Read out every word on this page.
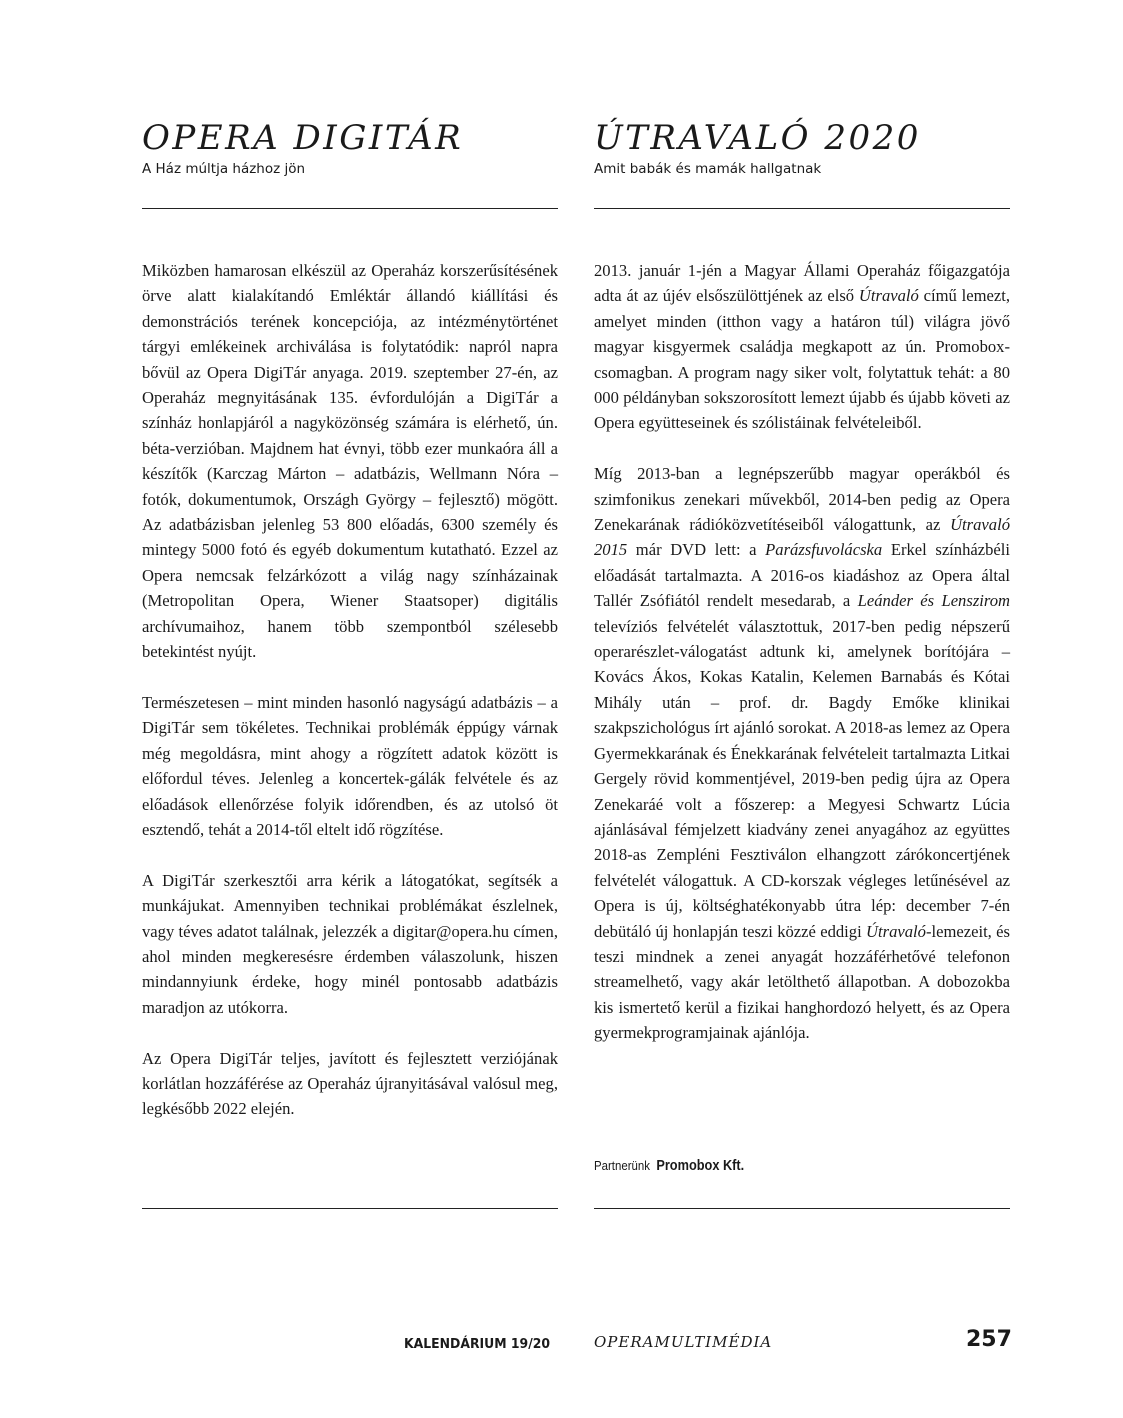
OPERA DIGITÁR
A Ház múltja házhoz jön
ÚTRAVALÓ 2020
Amit babák és mamák hallgatnak

Miközben hamarosan elkészül az Operaház korszerűsítésének örve alatt kialakítandó Emléktár állandó kiállítási és demonstrációs terének koncepciója, az intézménytörténet tárgyi emlékeinek archiválása is folytatódik: napról napra bővül az Opera DigiTár anyaga. 2019. szeptember 27-én, az Operaház megnyitásának 135. évfordulóján a DigiTár a színház honlapjáról a nagyközönség számára is elérhető, ún. béta-verzióban. Majdnem hat évnyi, több ezer munkaóra áll a készítők (Karczag Márton – adatbázis, Wellmann Nóra – fotók, dokumentumok, Országh György – fejlesztő) mögött. Az adatbázisban jelenleg 53 800 előadás, 6300 személy és mintegy 5000 fotó és egyéb dokumentum kutatható. Ezzel az Opera nemcsak felzárkózott a világ nagy színházainak (Metropolitan Opera, Wiener Staatsoper) digitális archívumaihoz, hanem több szempontból szélesebb betekintést nyújt.

Természetesen – mint minden hasonló nagyságú adatbázis – a DigiTár sem tökéletes. Technikai problémák éppúgy várnak még megoldásra, mint ahogy a rögzített adatok között is előfordul téves. Jelenleg a koncertek-gálák felvétele és az előadások ellenőrzése folyik időrendben, és az utolsó öt esztendő, tehát a 2014-től eltelt idő rögzítése.

A DigiTár szerkesztői arra kérik a látogatókat, segítsék a munkájukat. Amennyiben technikai problémákat észlelnek, vagy téves adatot találnak, jelezzék a digitar@opera.hu címen, ahol minden megkeresésre érdemben válaszolunk, hiszen mindannyiunk érdeke, hogy minél pontosabb adatbázis maradjon az utókorra.

Az Opera DigiTár teljes, javított és fejlesztett verziójának korlátlan hozzáférése az Operaház újranyitásával valósul meg, legkésőbb 2022 elején.

2013. január 1-jén a Magyar Állami Operaház főigazgatója adta át az újév elsőszülöttjének az első Útravaló című lemezt, amelyet minden (itthon vagy a határon túl) világra jövő magyar kisgyermek családja megkapott az ún. Promobox-csomagban. A program nagy siker volt, folytattuk tehát: a 80 000 példányban sokszorosított lemezt újabb és újabb követi az Opera együtteseinek és szólistáinak felvételeiből.

Míg 2013-ban a legnépszerűbb magyar operákból és szimfonikus zenekari művekből, 2014-ben pedig az Opera Zenekarának rádióközvetítéseiből válogattunk, az Útravaló 2015 már DVD lett: a Parázsfuvolácska Erkel színházbéli előadását tartalmazta. A 2016-os kiadáshoz az Opera által Tallér Zsófiától rendelt mesedarab, a Leánder és Lenszirom televíziós felvételét választottuk, 2017-ben pedig népszerű operarészlet-válogatást adtunk ki, amelynek borítójára – Kovács Ákos, Kokas Katalin, Kelemen Barnabás és Kótai Mihály után – prof. dr. Bagdy Emőke klinikai szakpszichológus írt ajánló sorokat. A 2018-as lemez az Opera Gyermekkarának és Énekkarának felvételeit tartalmazta Litkai Gergely rövid kommentjével, 2019-ben pedig újra az Opera Zenekaráé volt a főszerep: a Megyesi Schwartz Lúcia ajánlásával fémjelzett kiadvány zenei anyagához az együttes 2018-as Zempléni Fesztiválon elhangzott zárókoncertjének felvételét válogattuk. A CD-korszak végleges letűnésével az Opera is új, költséghatékonyabb útra lép: december 7-én debütáló új honlapján teszi közzé eddigi Útravaló-lemezeit, és teszi mindnek a zenei anyagát hozzáférhetővé telefonon streamelhető, vagy akár letölthető állapotban. A dobozokba kis ismertető kerül a fizikai hanghordozó helyett, és az Opera gyermekprogramjainak ajánlója.

Partnerünk Promobox Kft.
KALENDÁRIUM 19/20	OPERAMULTIMÉDIA	257
